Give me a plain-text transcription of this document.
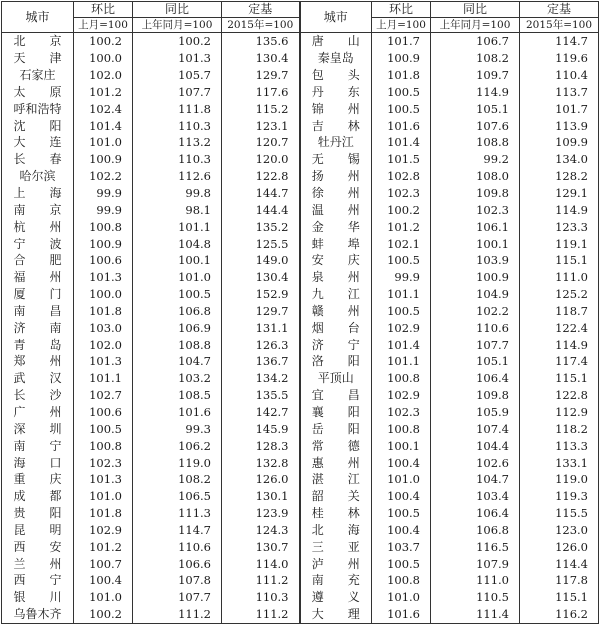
城市	环比	同比	定基	城市	环比	同比	定基
	上月=100	上年同月=100	2015年=100		上月=100	上年同月=100	2015年=100
北　　京	100.2	100.2	135.6	唐　　山	101.7	106.7	114.7
天　　津	100.0	101.3	130.4	秦皇岛	100.9	108.2	119.6
石家庄	102.0	105.7	129.7	包　　头	101.8	109.7	110.4
太　　原	101.2	107.7	117.6	丹　　东	100.5	114.9	113.7
呼和浩特	102.4	111.8	115.2	锦　　州	100.5	105.1	101.7
沈　　阳	101.4	110.3	123.1	吉　　林	101.6	107.6	113.9
大　　连	101.0	113.2	120.7	牡丹江	101.4	108.8	109.9
长　　春	100.9	110.3	120.0	无　　锡	101.5	99.2	134.0
哈尔滨	102.2	112.6	122.8	扬　　州	102.8	108.0	128.2
上　　海	99.9	99.8	144.7	徐　　州	102.3	109.8	129.1
南　　京	99.9	98.1	144.4	温　　州	100.2	102.3	114.9
杭　　州	100.8	101.1	135.2	金　　华	101.2	106.1	123.3
宁　　波	100.9	104.8	125.5	蚌　　埠	102.1	100.1	119.1
合　　肥	100.6	100.1	149.0	安　　庆	100.5	103.9	115.1
福　　州	101.3	101.0	130.4	泉　　州	99.9	100.9	111.0
厦　　门	100.0	100.5	152.9	九　　江	101.1	104.9	125.2
南　　昌	101.8	106.8	129.7	赣　　州	100.5	102.2	118.7
济　　南	103.0	106.9	131.1	烟　　台	102.9	110.6	122.4
青　　岛	102.0	108.8	126.3	济　　宁	101.4	107.7	114.9
郑　　州	101.3	104.7	136.7	洛　　阳	101.1	105.1	117.4
武　　汉	101.1	103.2	134.2	平顶山	100.8	106.4	115.1
长　　沙	102.7	108.5	135.5	宜　　昌	102.9	109.8	122.8
广　　州	100.6	101.6	142.7	襄　　阳	102.3	105.9	112.9
深　　圳	100.5	99.3	145.9	岳　　阳	100.8	107.4	118.2
南　　宁	100.8	106.2	128.3	常　　德	100.1	104.4	113.3
海　　口	102.3	119.0	132.8	惠　　州	100.4	102.6	133.1
重　　庆	101.3	108.2	126.0	湛　　江	101.0	104.7	119.0
成　　都	101.0	106.5	130.1	韶　　关	100.4	103.4	119.3
贵　　阳	101.8	111.3	123.9	桂　　林	100.5	106.4	115.5
昆　　明	102.9	114.7	124.3	北　　海	100.4	106.8	123.0
西　　安	101.2	110.6	130.7	三　　亚	103.7	116.5	126.0
兰　　州	100.7	106.6	114.0	泸　　州	100.5	107.9	114.4
西　　宁	100.4	107.8	111.2	南　　充	100.8	111.0	117.8
银　　川	101.0	107.7	110.3	遵　　义	101.0	110.5	115.1
乌鲁木齐	100.2	111.2	111.2	大　　理	101.6	111.4	116.2
